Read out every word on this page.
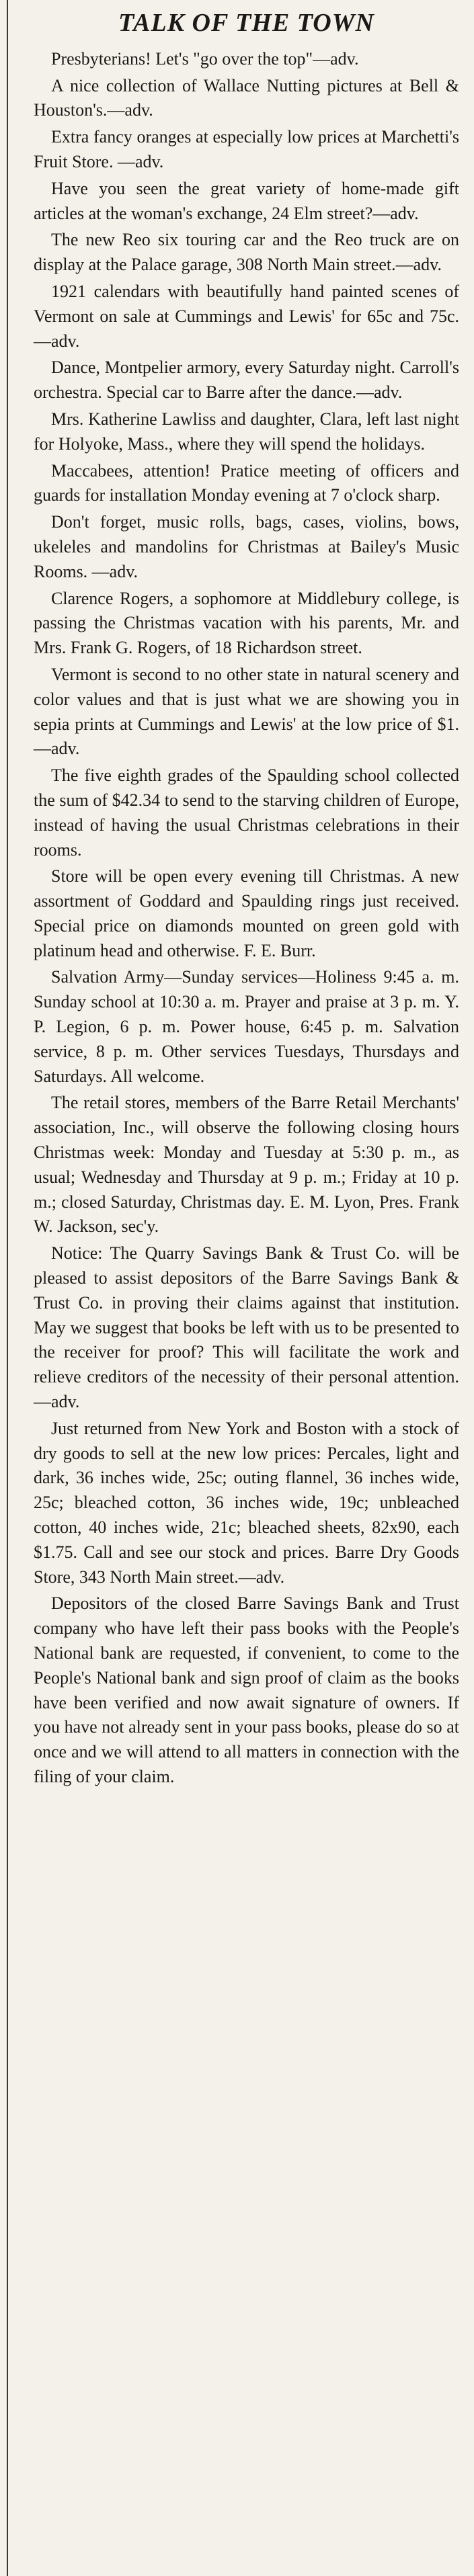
TALK OF THE TOWN

Presbyterians! Let's "go over the top"—adv.

A nice collection of Wallace Nutting pictures at Bell & Houston's.—adv.

Extra fancy oranges at especially low prices at Marchetti's Fruit Store. —adv.

Have you seen the great variety of home-made gift articles at the woman's exchange, 24 Elm street?—adv.

The new Reo six touring car and the Reo truck are on display at the Palace garage, 308 North Main street.—adv.

1921 calendars with beautifully hand painted scenes of Vermont on sale at Cummings and Lewis' for 65c and 75c. —adv.

Dance, Montpelier armory, every Saturday night. Carroll's orchestra. Special car to Barre after the dance.—adv.

Mrs. Katherine Lawliss and daughter, Clara, left last night for Holyoke, Mass., where they will spend the holidays.

Maccabees, attention! Pratice meeting of officers and guards for installation Monday evening at 7 o'clock sharp.

Don't forget, music rolls, bags, cases, violins, bows, ukeleles and mandolins for Christmas at Bailey's Music Rooms. —adv.

Clarence Rogers, a sophomore at Middlebury college, is passing the Christmas vacation with his parents, Mr. and Mrs. Frank G. Rogers, of 18 Richardson street.

Vermont is second to no other state in natural scenery and color values and that is just what we are showing you in sepia prints at Cummings and Lewis' at the low price of $1.—adv.

The five eighth grades of the Spaulding school collected the sum of $42.34 to send to the starving children of Europe, instead of having the usual Christmas celebrations in their rooms.

Store will be open every evening till Christmas. A new assortment of Goddard and Spaulding rings just received. Special price on diamonds mounted on green gold with platinum head and otherwise. F. E. Burr.

Salvation Army—Sunday services—Holiness 9:45 a. m. Sunday school at 10:30 a. m. Prayer and praise at 3 p. m. Y. P. Legion, 6 p. m. Power house, 6:45 p. m. Salvation service, 8 p. m. Other services Tuesdays, Thursdays and Saturdays. All welcome.

The retail stores, members of the Barre Retail Merchants' association, Inc., will observe the following closing hours Christmas week: Monday and Tuesday at 5:30 p. m., as usual; Wednesday and Thursday at 9 p. m.; Friday at 10 p. m.; closed Saturday, Christmas day. E. M. Lyon, Pres. Frank W. Jackson, sec'y.

Notice: The Quarry Savings Bank & Trust Co. will be pleased to assist depositors of the Barre Savings Bank & Trust Co. in proving their claims against that institution. May we suggest that books be left with us to be presented to the receiver for proof? This will facilitate the work and relieve creditors of the necessity of their personal attention.—adv.

Just returned from New York and Boston with a stock of dry goods to sell at the new low prices: Percales, light and dark, 36 inches wide, 25c; outing flannel, 36 inches wide, 25c; bleached cotton, 36 inches wide, 19c; unbleached cotton, 40 inches wide, 21c; bleached sheets, 82x90, each $1.75. Call and see our stock and prices. Barre Dry Goods Store, 343 North Main street.—adv.

Depositors of the closed Barre Savings Bank and Trust company who have left their pass books with the People's National bank are requested, if convenient, to come to the People's National bank and sign proof of claim as the books have been verified and now await signature of owners. If you have not already sent in your pass books, please do so at once and we will attend to all matters in connection with the filing of your claim.
